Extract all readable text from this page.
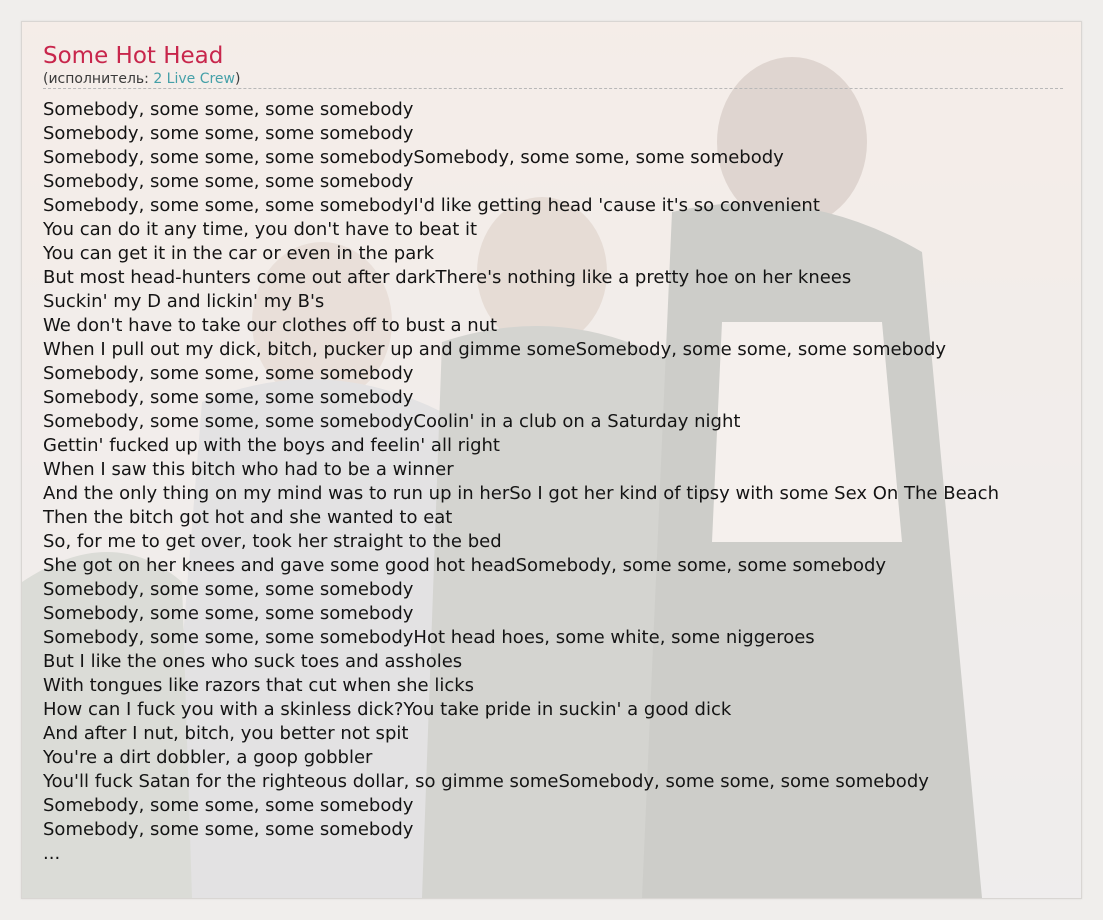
Some Hot Head
(исполнитель: 2 Live Crew)
Somebody, some some, some somebody
Somebody, some some, some somebody
Somebody, some some, some somebodySomebody, some some, some somebody
Somebody, some some, some somebody
Somebody, some some, some somebodyI'd like getting head 'cause it's so convenient
You can do it any time, you don't have to beat it
You can get it in the car or even in the park
But most head-hunters come out after darkThere's nothing like a pretty hoe on her knees
Suckin' my D and lickin' my B's
We don't have to take our clothes off to bust a nut
When I pull out my dick, bitch, pucker up and gimme someSomebody, some some, some somebody
Somebody, some some, some somebody
Somebody, some some, some somebody
Somebody, some some, some somebodyCoolin' in a club on a Saturday night
Gettin' fucked up with the boys and feelin' all right
When I saw this bitch who had to be a winner
And the only thing on my mind was to run up in herSo I got her kind of tipsy with some Sex On The Beach
Then the bitch got hot and she wanted to eat
So, for me to get over, took her straight to the bed
She got on her knees and gave some good hot headSomebody, some some, some somebody
Somebody, some some, some somebody
Somebody, some some, some somebody
Somebody, some some, some somebodyHot head hoes, some white, some niggeroes
But I like the ones who suck toes and assholes
With tongues like razors that cut when she licks
How can I fuck you with a skinless dick?You take pride in suckin' a good dick
And after I nut, bitch, you better not spit
You're a dirt dobbler, a goop gobbler
You'll fuck Satan for the righteous dollar, so gimme someSomebody, some some, some somebody
Somebody, some some, some somebody
Somebody, some some, some somebody
...
